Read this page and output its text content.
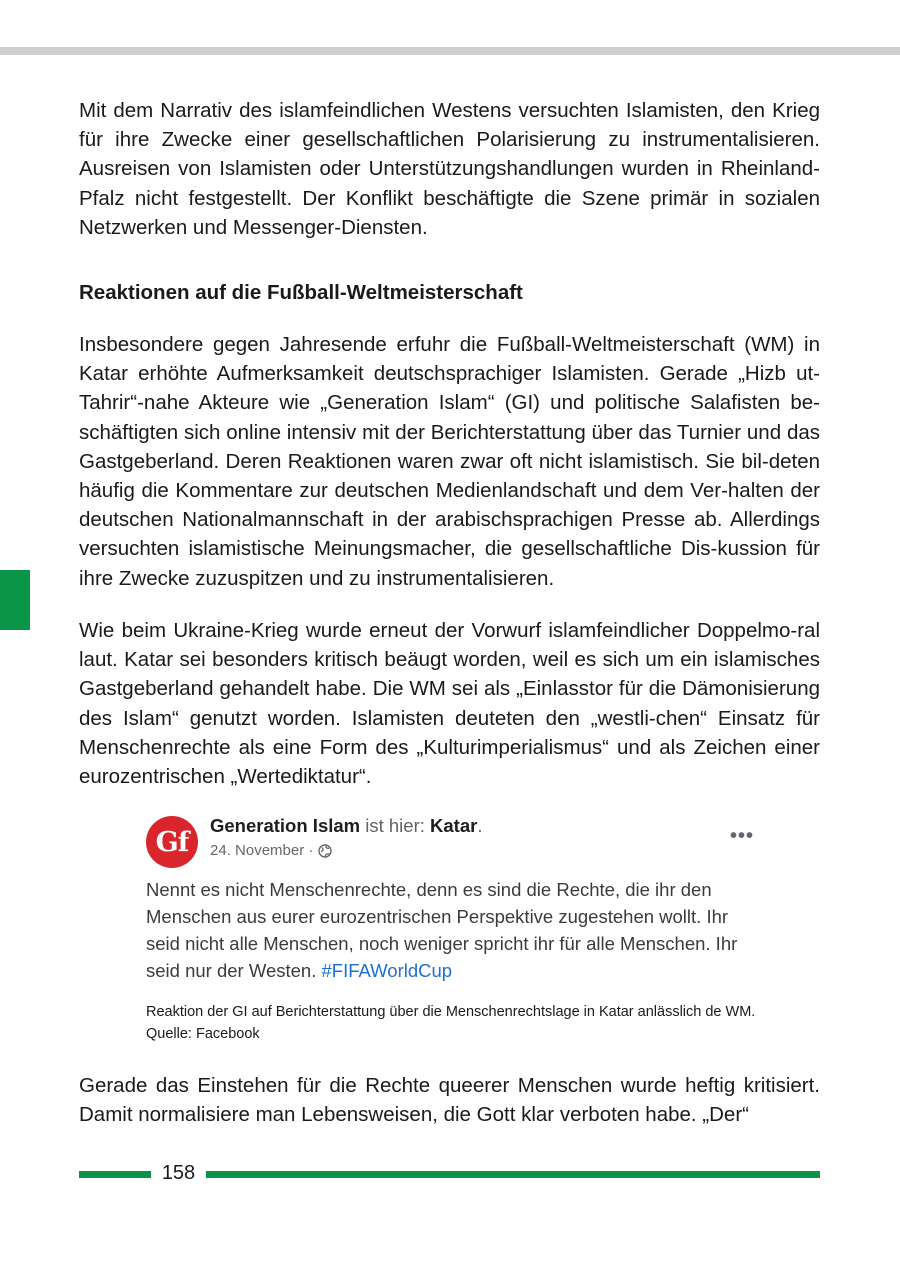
Mit dem Narrativ des islamfeindlichen Westens versuchten Islamisten, den Krieg für ihre Zwecke einer gesellschaftlichen Polarisierung zu instrumentalisieren. Ausreisen von Islamisten oder Unterstützungshandlungen wurden in Rheinland-Pfalz nicht festgestellt. Der Konflikt beschäftigte die Szene primär in sozialen Netzwerken und Messenger-Diensten.

Reaktionen auf die Fußball-Weltmeisterschaft

Insbesondere gegen Jahresende erfuhr die Fußball-Weltmeisterschaft (WM) in Katar erhöhte Aufmerksamkeit deutschsprachiger Islamisten. Gerade „Hizb ut-Tahrir“-nahe Akteure wie „Generation Islam“ (GI) und politische Salafisten be-schäftigten sich online intensiv mit der Berichterstattung über das Turnier und das Gastgeberland. Deren Reaktionen waren zwar oft nicht islamistisch. Sie bil-deten häufig die Kommentare zur deutschen Medienlandschaft und dem Ver-halten der deutschen Nationalmannschaft in der arabischsprachigen Presse ab. Allerdings versuchten islamistische Meinungsmacher, die gesellschaftliche Dis-kussion für ihre Zwecke zuzuspitzen und zu instrumentalisieren.

Wie beim Ukraine-Krieg wurde erneut der Vorwurf islamfeindlicher Doppelmo-ral laut. Katar sei besonders kritisch beäugt worden, weil es sich um ein islamisches Gastgeberland gehandelt habe. Die WM sei als „Einlasstor für die Dämonisierung des Islam“ genutzt worden. Islamisten deuteten den „westli-chen“ Einsatz für Menschenrechte als eine Form des „Kulturimperialismus“ und als Zeichen einer eurozentrischen „Wertediktatur“.

Gf
Generation Islam ist hier: Katar.
24. November ·
•••

Nennt es nicht Menschenrechte, denn es sind die Rechte, die ihr den Menschen aus eurer eurozentrischen Perspektive zugestehen wollt. Ihr seid nicht alle Menschen, noch weniger spricht ihr für alle Menschen. Ihr seid nur der Westen. #FIFAWorldCup

Reaktion der GI auf Berichterstattung über die Menschenrechtslage in Katar anlässlich de WM. Quelle: Facebook

Gerade das Einstehen für die Rechte queerer Menschen wurde heftig kritisiert. Damit normalisiere man Lebensweisen, die Gott klar verboten habe. „Der“

158
